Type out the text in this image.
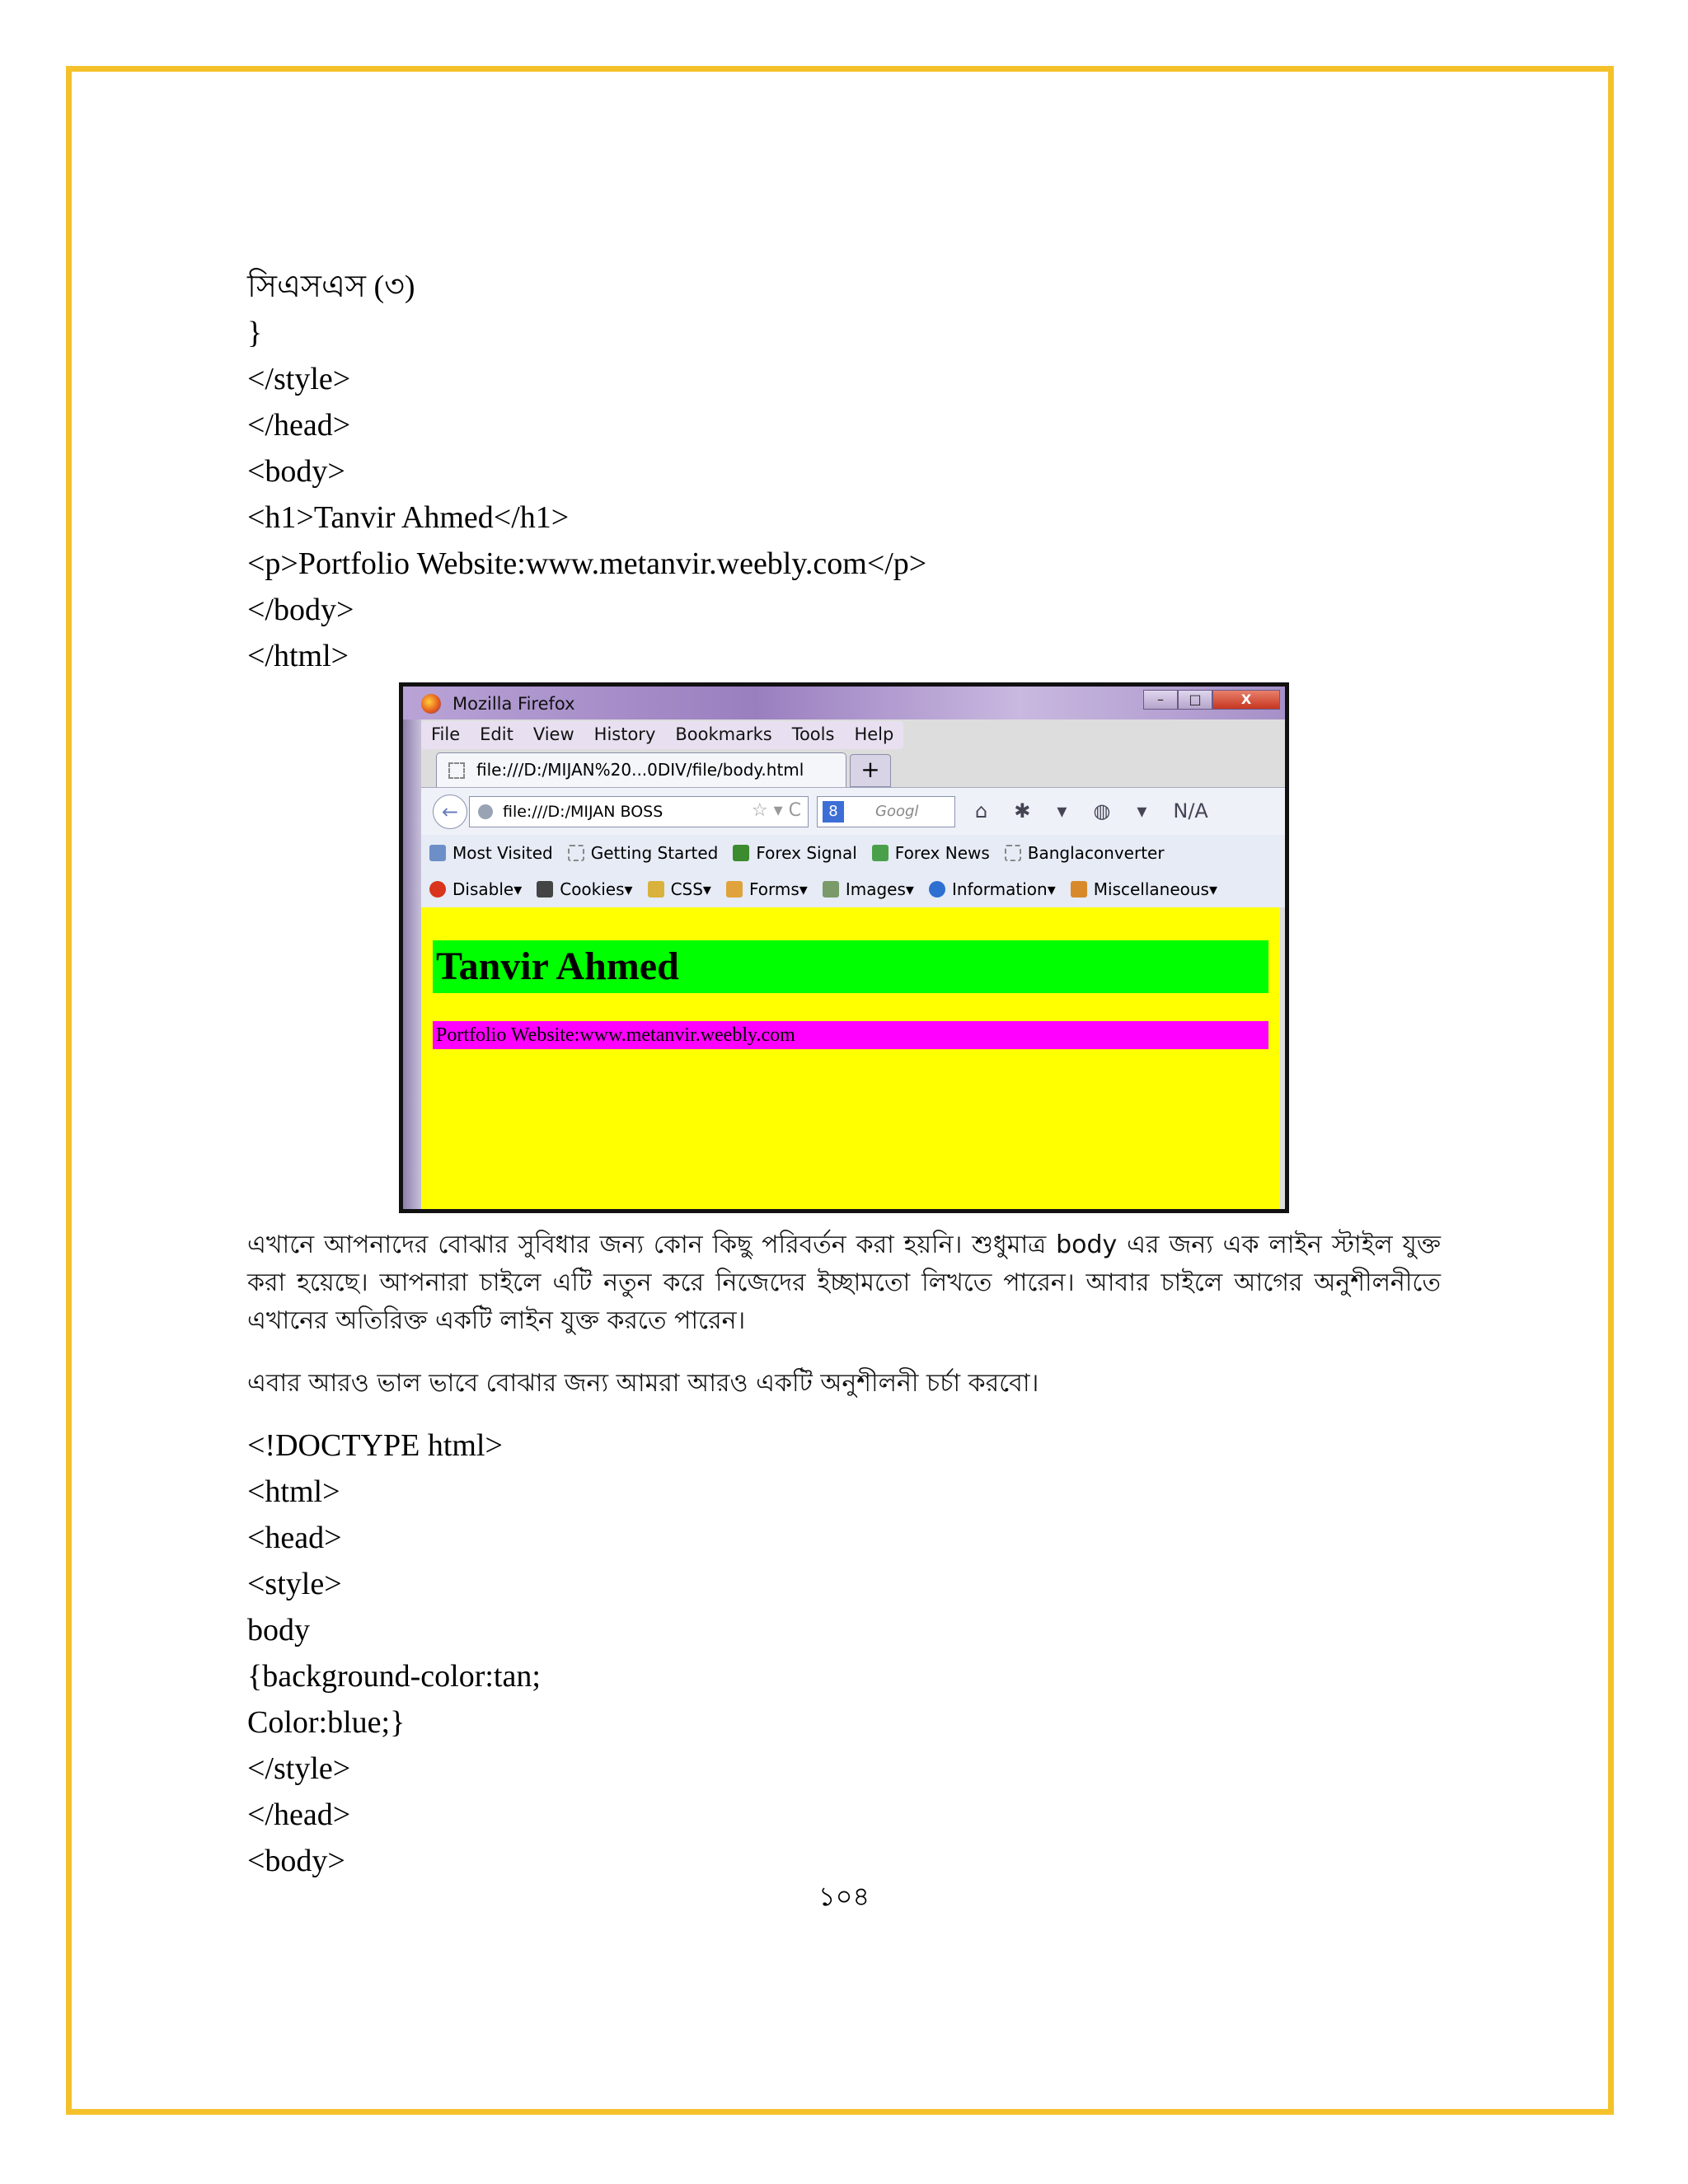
সিএসএস (৩)
}
</style>
</head>
<body>
<h1>Tanvir Ahmed</h1>
<p>Portfolio Website:www.metanvir.weebly.com</p>
</body>
</html>
Mozilla Firefox	–	□	X
File	Edit	View	History	Bookmarks	Tools	Help
file:///D:/MIJAN%20...0DIV/file/body.html	+
←	file:///D:/MIJAN BOSS	☆ ▾ C	8	Googl	⌂ ✱ ▾ ◍ ▾ N/A
Most Visited Getting Started Forex Signal Forex News Banglaconverter
Disable▾ Cookies▾ CSS▾ Forms▾ Images▾ Information▾ Miscellaneous▾
Tanvir Ahmed
Portfolio Website:www.metanvir.weebly.com
এখানে আপনাদের বোঝার সুবিধার জন্য কোন কিছু পরিবর্তন করা হয়নি। শুধুমাত্র body এর জন্য এক লাইন স্টাইল যুক্ত করা হয়েছে। আপনারা চাইলে এটি নতুন করে নিজেদের ইচ্ছামতো লিখতে পারেন। আবার চাইলে আগের অনুশীলনীতে এখানের অতিরিক্ত একটি লাইন যুক্ত করতে পারেন।
এবার আরও ভাল ভাবে বোঝার জন্য আমরা আরও একটি অনুশীলনী চর্চা করবো।
<!DOCTYPE html>
<html>
<head>
<style>
body
{background-color:tan;
Color:blue;}
</style>
</head>
<body>
১০৪
